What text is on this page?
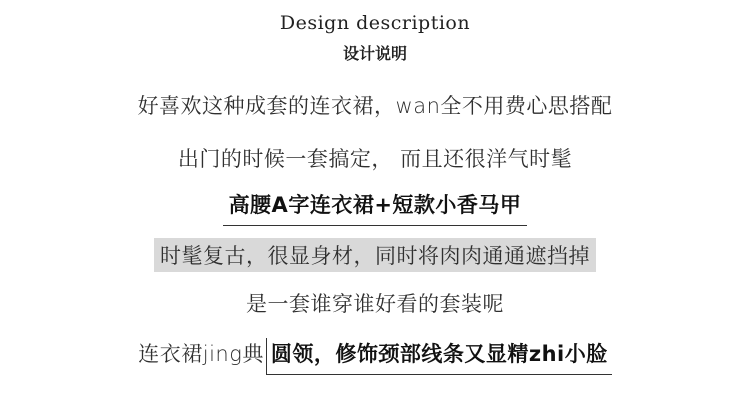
Design description
设计说明
好喜欢这种成套的连衣裙，wan全不用费心思搭配
出门的时候一套搞定， 而且还很洋气时髦
高腰A字连衣裙+短款小香马甲
时髦复古，很显身材，同时将肉肉通通遮挡掉
是一套谁穿谁好看的套装呢
连衣裙jing典 圆领，修饰颈部线条又显精zhi小脸
